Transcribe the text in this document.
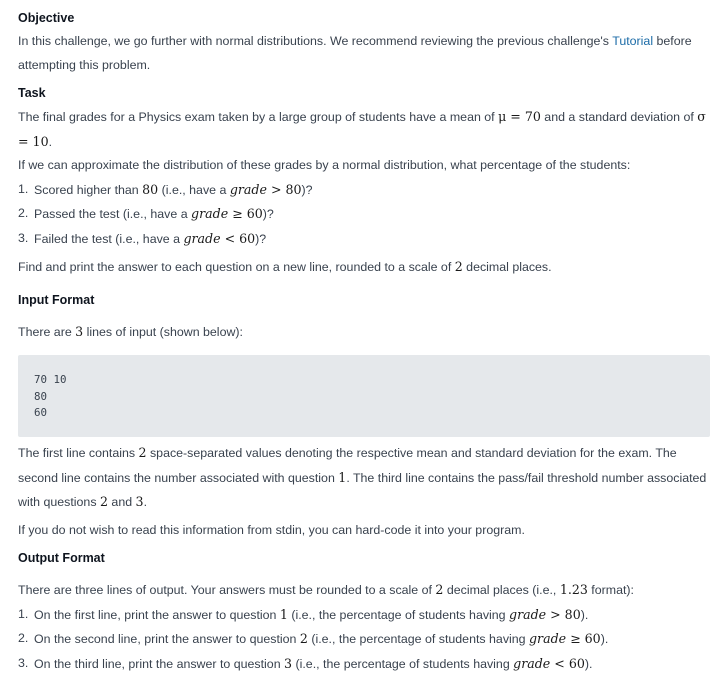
Objective

In this challenge, we go further with normal distributions. We recommend reviewing the previous challenge's Tutorial before attempting this problem.

Task

The final grades for a Physics exam taken by a large group of students have a mean of μ = 70 and a standard deviation of σ = 10.

If we can approximate the distribution of these grades by a normal distribution, what percentage of the students:

1. Scored higher than 80 (i.e., have a grade > 80)?
2. Passed the test (i.e., have a grade ≥ 60)?
3. Failed the test (i.e., have a grade < 60)?

Find and print the answer to each question on a new line, rounded to a scale of 2 decimal places.

Input Format

There are 3 lines of input (shown below):

70 10
80
60

The first line contains 2 space-separated values denoting the respective mean and standard deviation for the exam. The second line contains the number associated with question 1. The third line contains the pass/fail threshold number associated with questions 2 and 3.

If you do not wish to read this information from stdin, you can hard-code it into your program.

Output Format

There are three lines of output. Your answers must be rounded to a scale of 2 decimal places (i.e., 1.23 format):

1. On the first line, print the answer to question 1 (i.e., the percentage of students having grade > 80).
2. On the second line, print the answer to question 2 (i.e., the percentage of students having grade ≥ 60).
3. On the third line, print the answer to question 3 (i.e., the percentage of students having grade < 60).
